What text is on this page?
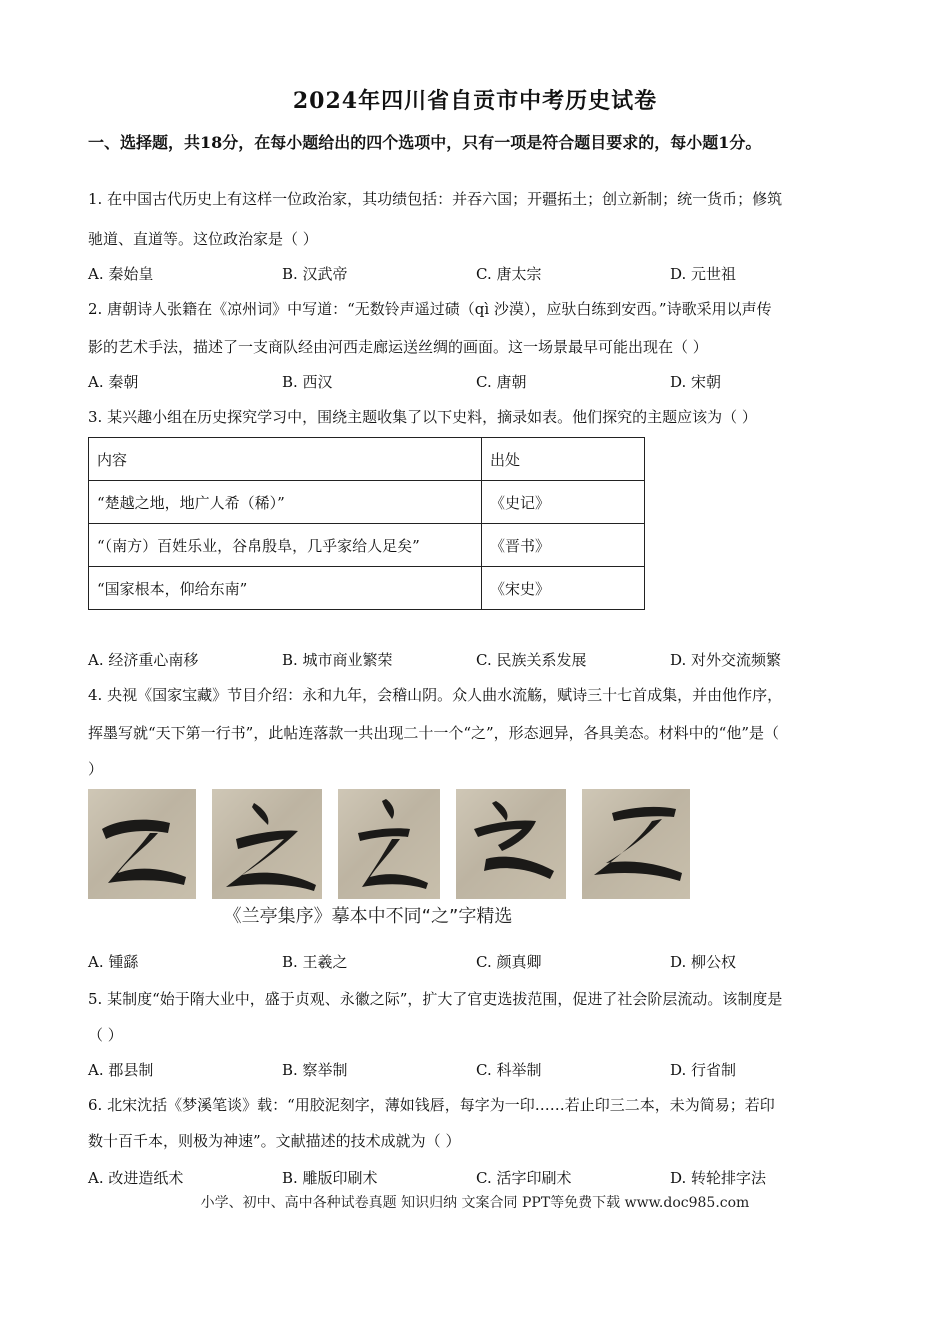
2024年四川省自贡市中考历史试卷
一、选择题，共18分，在每小题给出的四个选项中，只有一项是符合题目要求的，每小题1分。
1. 在中国古代历史上有这样一位政治家，其功绩包括：并吞六国；开疆拓土；创立新制；统一货币；修筑
驰道、直道等。这位政治家是（ ）
A. 秦始皇	B. 汉武帝	C. 唐太宗	D. 元世祖
2. 唐朝诗人张籍在《凉州词》中写道：“无数铃声遥过碛（qì 沙漠），应驮白练到安西。”诗歌采用以声传
影的艺术手法，描述了一支商队经由河西走廊运送丝绸的画面。这一场景最早可能出现在（ ）
A. 秦朝	B. 西汉	C. 唐朝	D. 宋朝
3. 某兴趣小组在历史探究学习中，围绕主题收集了以下史料，摘录如表。他们探究的主题应该为（ ）
内容	出处
“楚越之地，地广人希（稀）”	《史记》
“（南方）百姓乐业，谷帛殷阜，几乎家给人足矣”	《晋书》
“国家根本，仰给东南”	《宋史》
A. 经济重心南移	B. 城市商业繁荣	C. 民族关系发展	D. 对外交流频繁
4. 央视《国家宝藏》节目介绍：永和九年，会稽山阴。众人曲水流觞，赋诗三十七首成集，并由他作序，
挥墨写就“天下第一行书”，此帖连落款一共出现二十一个“之”，形态迥异，各具美态。材料中的“他”是（
）
《兰亭集序》摹本中不同“之”字精选
A. 锺繇	B. 王羲之	C. 颜真卿	D. 柳公权
5. 某制度“始于隋大业中，盛于贞观、永徽之际”，扩大了官吏选拔范围，促进了社会阶层流动。该制度是
（ ）
A. 郡县制	B. 察举制	C. 科举制	D. 行省制
6. 北宋沈括《梦溪笔谈》载：“用胶泥刻字，薄如钱唇，每字为一印……若止印三二本，未为简易；若印
数十百千本，则极为神速”。文献描述的技术成就为（ ）
A. 改进造纸术	B. 雕版印刷术	C. 活字印刷术	D. 转轮排字法
小学、初中、高中各种试卷真题 知识归纳 文案合同 PPT等免费下载 www.doc985.com
